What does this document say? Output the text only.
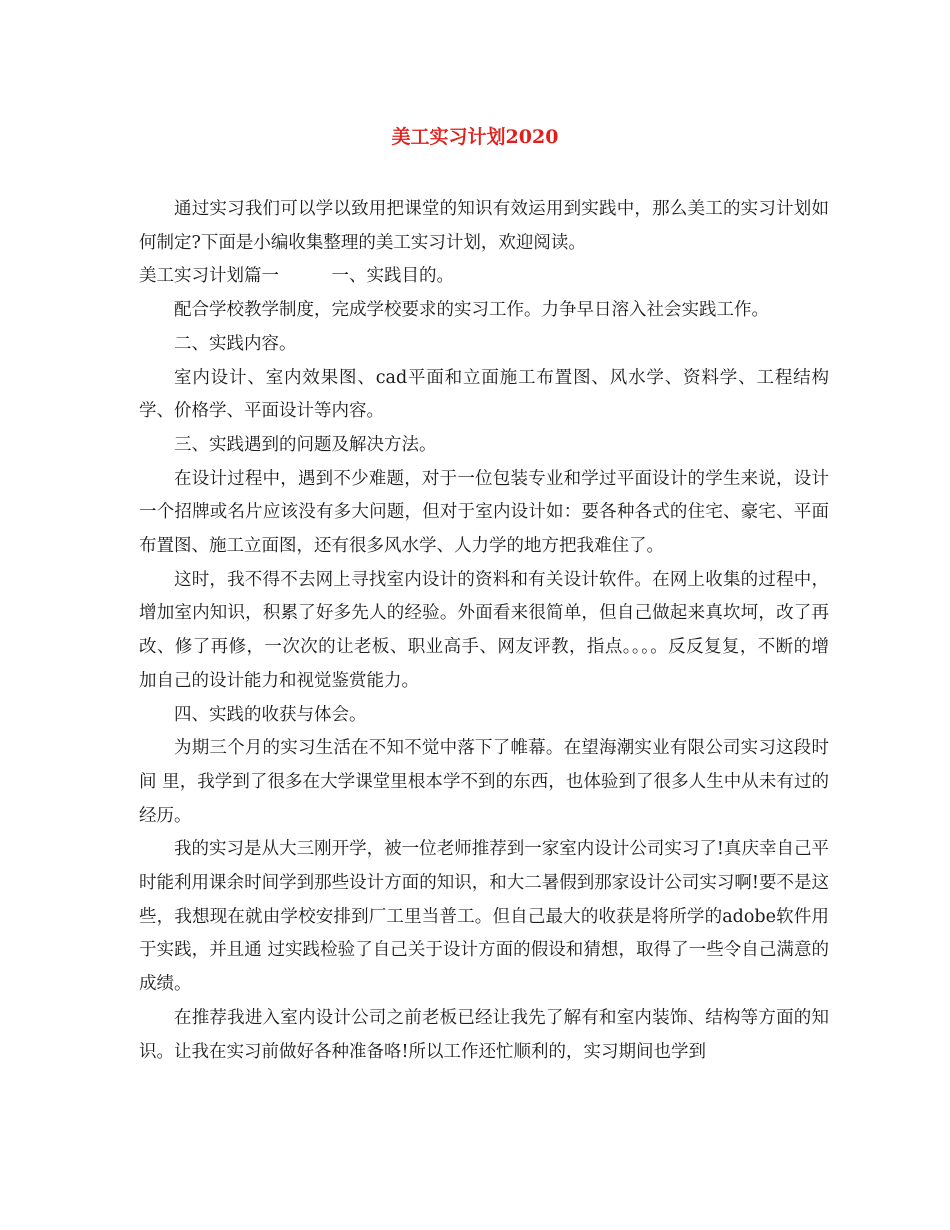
美工实习计划2020

通过实习我们可以学以致用把课堂的知识有效运用到实践中，那么美工的实习计划如何制定?下面是小编收集整理的美工实习计划，欢迎阅读。

美工实习计划篇一　　　一、实践目的。

配合学校教学制度，完成学校要求的实习工作。力争早日溶入社会实践工作。

二、实践内容。

室内设计、室内效果图、cad平面和立面施工布置图、风水学、资料学、工程结构学、价格学、平面设计等内容。

三、实践遇到的问题及解决方法。

在设计过程中，遇到不少难题，对于一位包装专业和学过平面设计的学生来说，设计一个招牌或名片应该没有多大问题，但对于室内设计如：要各种各式的住宅、豪宅、平面布置图、施工立面图，还有很多风水学、人力学的地方把我难住了。

这时，我不得不去网上寻找室内设计的资料和有关设计软件。在网上收集的过程中，增加室内知识，积累了好多先人的经验。外面看来很简单，但自己做起来真坎坷，改了再改、修了再修，一次次的让老板、职业高手、网友评教，指点。。。。反反复复，不断的增加自己的设计能力和视觉鉴赏能力。

四、实践的收获与体会。

为期三个月的实习生活在不知不觉中落下了帷幕。在望海潮实业有限公司实习这段时间 里，我学到了很多在大学课堂里根本学不到的东西，也体验到了很多人生中从未有过的经历。

我的实习是从大三刚开学，被一位老师推荐到一家室内设计公司实习了!真庆幸自己平时能利用课余时间学到那些设计方面的知识，和大二暑假到那家设计公司实习啊!要不是这些，我想现在就由学校安排到厂工里当普工。但自己最大的收获是将所学的adobe软件用于实践，并且通 过实践检验了自己关于设计方面的假设和猜想，取得了一些令自己满意的成绩。

在推荐我进入室内设计公司之前老板已经让我先了解有和室内装饰、结构等方面的知识。让我在实习前做好各种准备咯!所以工作还忙顺利的，实习期间也学到
